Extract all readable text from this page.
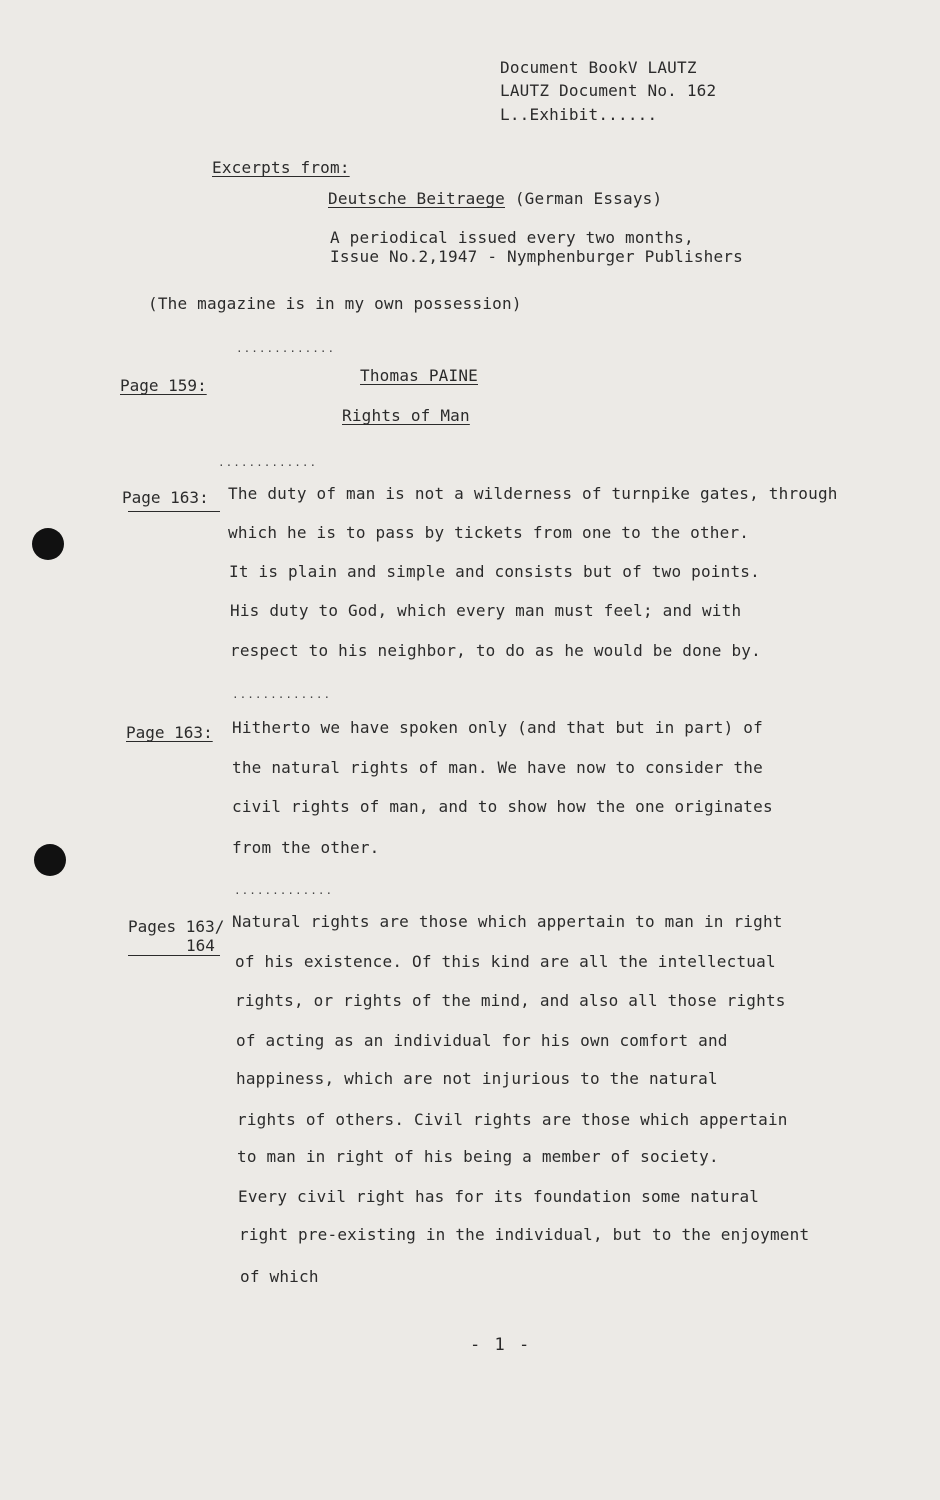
Document BookV LAUTZ
LAUTZ Document No. 162
L..Exhibit......
Excerpts from:
Deutsche Beitraege (German Essays)
A periodical issued every two months,
Issue No.2,1947 - Nymphenburger Publishers
(The magazine is in my own possession)
.............
Page 159:
Thomas PAINE
Rights of Man
.............
Page 163: The duty of man is not a wilderness of turnpike gates, through
which he is to pass by tickets from one to the other.
It is plain and simple and consists but of two points.
His duty to God, which every man must feel; and with
respect to his neighbor, to do as he would be done by.
.............
Page 163: Hitherto we have spoken only (and that but in part) of
the natural rights of man. We have now to consider the
civil rights of man, and to show how the one originates
from the other.
.............
Pages 163/
164
Natural rights are those which appertain to man in right
of his existence. Of this kind are all the intellectual
rights, or rights of the mind, and also all those rights
of acting as an individual for his own comfort and
happiness, which are not injurious to the natural
rights of others. Civil rights are those which appertain
to man in right of his being a member of society.
Every civil right has for its foundation some natural
right pre-existing in the individual, but to the enjoyment
of which
- 1 -
